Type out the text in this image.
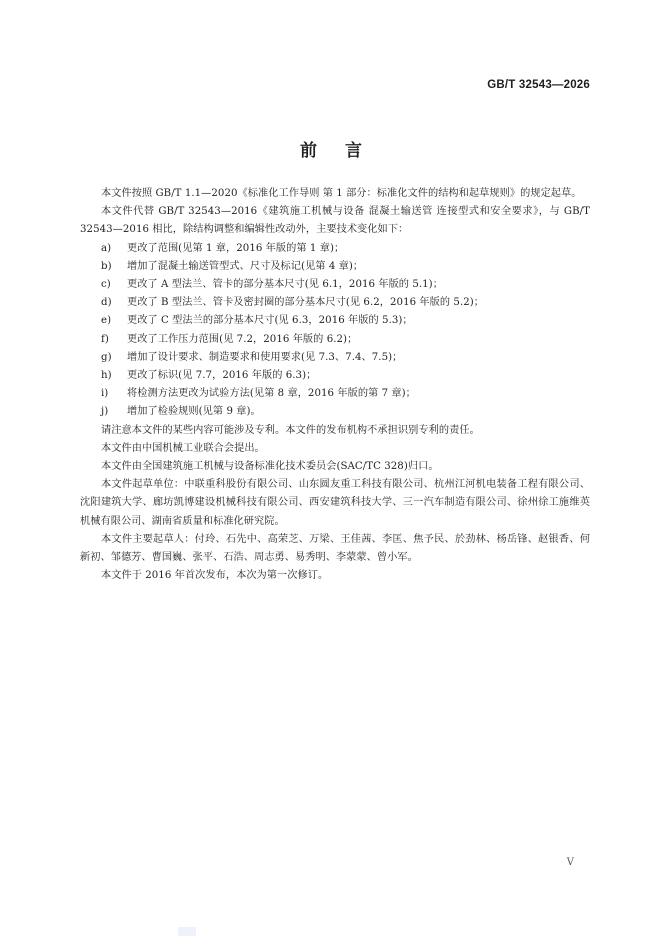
GB/T 32543—2026
前言

本文件按照 GB/T 1.1—2020《标准化工作导则 第 1 部分：标准化文件的结构和起草规则》的规定起草。

本文件代替 GB/T 32543—2016《建筑施工机械与设备 混凝土输送管 连接型式和安全要求》，与 GB/T 32543—2016 相比，除结构调整和编辑性改动外，主要技术变化如下：

a)	更改了范围(见第 1 章，2016 年版的第 1 章)；
b)	增加了混凝土输送管型式、尺寸及标记(见第 4 章)；
c)	更改了 A 型法兰、管卡的部分基本尺寸(见 6.1，2016 年版的 5.1)；
d)	更改了 B 型法兰、管卡及密封圈的部分基本尺寸(见 6.2，2016 年版的 5.2)；
e)	更改了 C 型法兰的部分基本尺寸(见 6.3，2016 年版的 5.3)；
f)	更改了工作压力范围(见 7.2，2016 年版的 6.2)；
g)	增加了设计要求、制造要求和使用要求(见 7.3、7.4、7.5)；
h)	更改了标识(见 7.7，2016 年版的 6.3)；
i)	将检测方法更改为试验方法(见第 8 章，2016 年版的第 7 章)；
j)	增加了检验规则(见第 9 章)。

请注意本文件的某些内容可能涉及专利。本文件的发布机构不承担识别专利的责任。

本文件由中国机械工业联合会提出。

本文件由全国建筑施工机械与设备标准化技术委员会(SAC/TC 328)归口。

本文件起草单位：中联重科股份有限公司、山东圆友重工科技有限公司、杭州江河机电装备工程有限公司、沈阳建筑大学、廊坊凯博建设机械科技有限公司、西安建筑科技大学、三一汽车制造有限公司、徐州徐工施维英机械有限公司、湖南省质量和标准化研究院。

本文件主要起草人：付玲、石先中、高荣芝、万梁、王佳茜、李匡、焦予民、於劲林、杨岳锋、赵银香、何新初、邹德芳、曹国巍、张平、石浩、周志勇、易秀明、李蒙蒙、曾小军。

本文件于 2016 年首次发布，本次为第一次修订。

V
